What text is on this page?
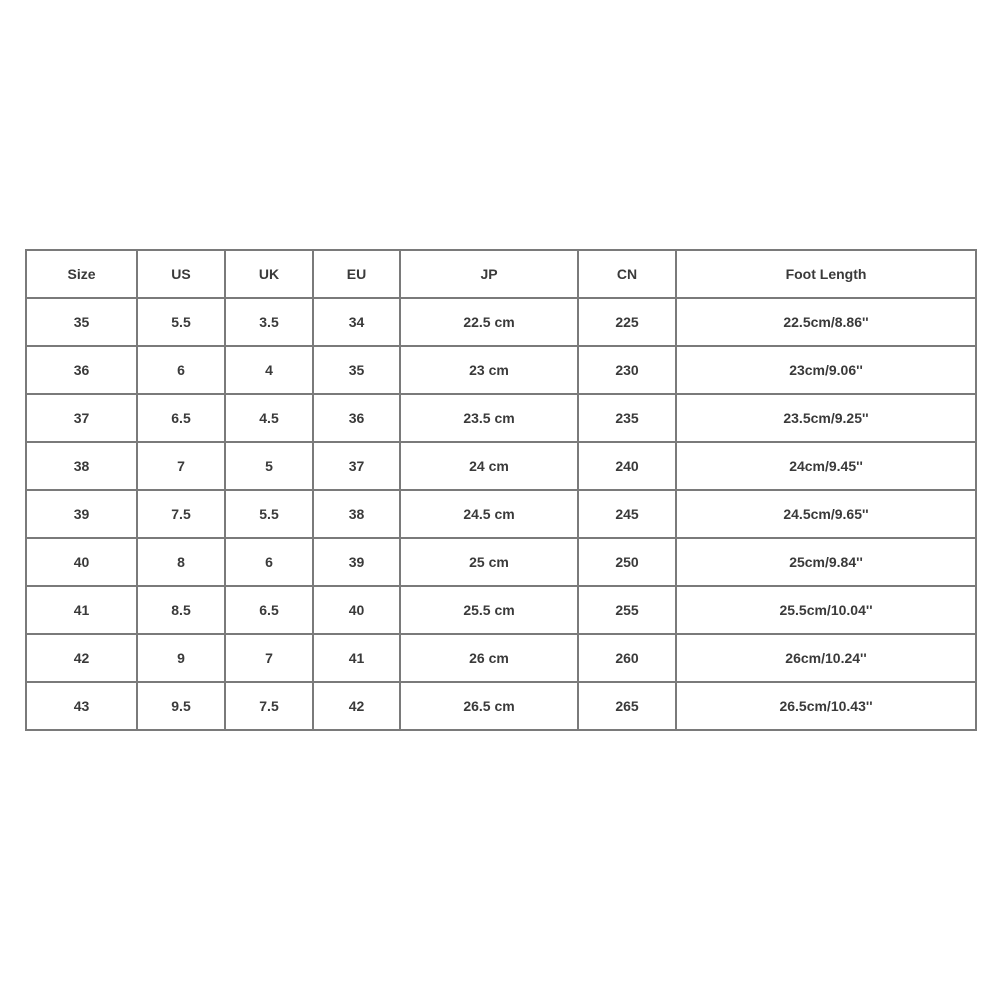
Size	US	UK	EU	JP	CN	Foot Length
35	5.5	3.5	34	22.5 cm	225	22.5cm/8.86''
36	6	4	35	23 cm	230	23cm/9.06''
37	6.5	4.5	36	23.5 cm	235	23.5cm/9.25''
38	7	5	37	24 cm	240	24cm/9.45''
39	7.5	5.5	38	24.5 cm	245	24.5cm/9.65''
40	8	6	39	25 cm	250	25cm/9.84''
41	8.5	6.5	40	25.5 cm	255	25.5cm/10.04''
42	9	7	41	26 cm	260	26cm/10.24''
43	9.5	7.5	42	26.5 cm	265	26.5cm/10.43''
